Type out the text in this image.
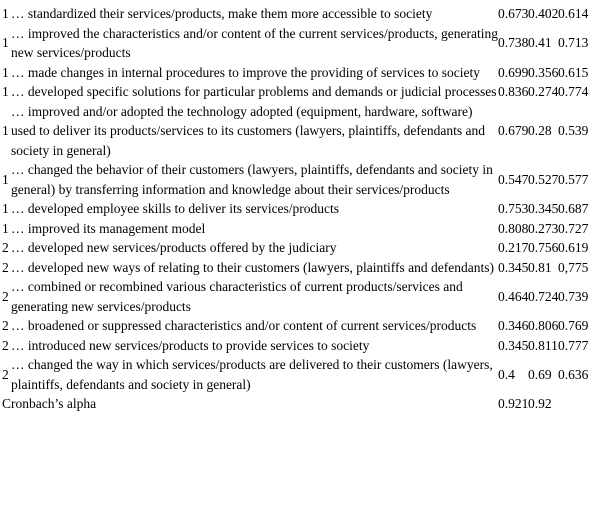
1	… standardized their services/products, make them more accessible to society	0.673	0.402	0.614
1	… improved the characteristics and/or content of the current services/products, generating new services/products	0.738	0.41	0.713
1	… made changes in internal procedures to improve the providing of services to society	0.699	0.356	0.615
1	… developed specific solutions for particular problems and demands or judicial processes	0.836	0.274	0.774
1	… improved and/or adopted the technology adopted (equipment, hardware, software) used to deliver its products/services to its customers (lawyers, plaintiffs, defendants and society in general)	0.679	0.28	0.539
1	… changed the behavior of their customers (lawyers, plaintiffs, defendants and society in general) by transferring information and knowledge about their services/products	0.547	0.527	0.577
1	… developed employee skills to deliver its services/products	0.753	0.345	0.687
1	… improved its management model	0.808	0.273	0.727
2	… developed new services/products offered by the judiciary	0.217	0.756	0.619
2	… developed new ways of relating to their customers (lawyers, plaintiffs and defendants)	0.345	0.81	0,775
2	… combined or recombined various characteristics of current products/services and generating new services/products	0.464	0.724	0.739
2	… broadened or suppressed characteristics and/or content of current services/products	0.346	0.806	0.769
2	… introduced new services/products to provide services to society	0.345	0.811	0.777
2	… changed the way in which services/products are delivered to their customers (lawyers, plaintiffs, defendants and society in general)	0.4	0.69	0.636
Cronbach’s alpha		0.921	0.92	
